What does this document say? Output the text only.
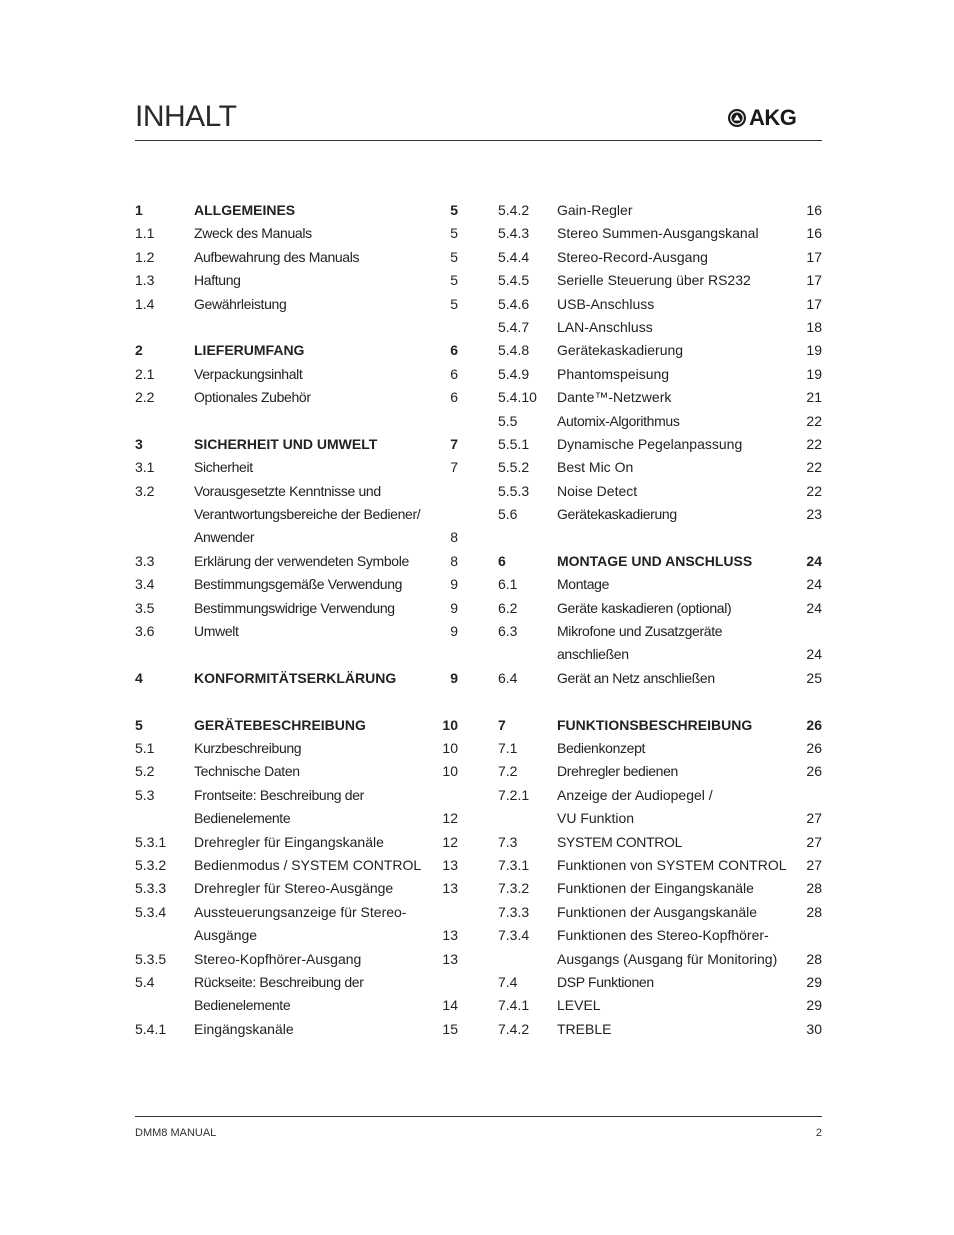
INHALT	AKG
1	ALLGEMEINES	5
1.1	Zweck des Manuals	5
1.2	Aufbewahrung des Manuals	5
1.3	Haftung	5
1.4	Gewährleistung	5
2	LIEFERUMFANG	6
2.1	Verpackungsinhalt	6
2.2	Optionales Zubehör	6
3	SICHERHEIT UND UMWELT	7
3.1	Sicherheit	7
3.2	Vorausgesetzte Kenntnisse und
Verantwortungsbereiche der Bediener/
Anwender	8
3.3	Erklärung der verwendeten Symbole	8
3.4	Bestimmungsgemäße Verwendung	9
3.5	Bestimmungswidrige Verwendung	9
3.6	Umwelt	9
4	KONFORMITÄTSERKLÄRUNG	9
5	GERÄTEBESCHREIBUNG	10
5.1	Kurzbeschreibung	10
5.2	Technische Daten	10
5.3	Frontseite: Beschreibung der
Bedienelemente	12
5.3.1 Drehregler für Eingangskanäle	12
5.3.2 Bedienmodus / SYSTEM CONTROL 13
5.3.3 Drehregler für Stereo-Ausgänge	13
5.3.4 Aussteuerungsanzeige für Stereo-
Ausgänge	13
5.3.5 Stereo-Kopfhörer-Ausgang	13
5.4	Rückseite: Beschreibung der
Bedienelemente	14
5.4.1 Eingängskanäle	15
5.4.2 Gain-Regler	16
5.4.3 Stereo Summen-Ausgangskanal	16
5.4.4 Stereo-Record-Ausgang	17
5.4.5 Serielle Steuerung über RS232	17
5.4.6 USB-Anschluss	17
5.4.7 LAN-Anschluss	18
5.4.8 Gerätekaskadierung	19
5.4.9 Phantomspeisung	19
5.4.10 Dante™-Netzwerk	21
5.5	Automix-Algorithmus	22
5.5.1 Dynamische Pegelanpassung	22
5.5.2 Best Mic On	22
5.5.3 Noise Detect	22
5.6	Gerätekaskadierung	23
6	MONTAGE UND ANSCHLUSS	24
6.1	Montage	24
6.2	Geräte kaskadieren (optional)	24
6.3	Mikrofone und Zusatzgeräte
anschließen	24
6.4	Gerät an Netz anschließen	25
7	FUNKTIONSBESCHREIBUNG	26
7.1	Bedienkonzept	26
7.2	Drehregler bedienen	26
7.2.1 Anzeige der Audiopegel /
VU Funktion	27
7.3	SYSTEM CONTROL	27
7.3.1 Funktionen von SYSTEM CONTROL 27
7.3.2 Funktionen der Eingangskanäle	28
7.3.3 Funktionen der Ausgangskanäle	28
7.3.4 Funktionen des Stereo-Kopfhörer-
Ausgangs (Ausgang für Monitoring) 28
7.4	DSP Funktionen	29
7.4.1 LEVEL	29
7.4.2 TREBLE	30
DMM8 MANUAL	2
